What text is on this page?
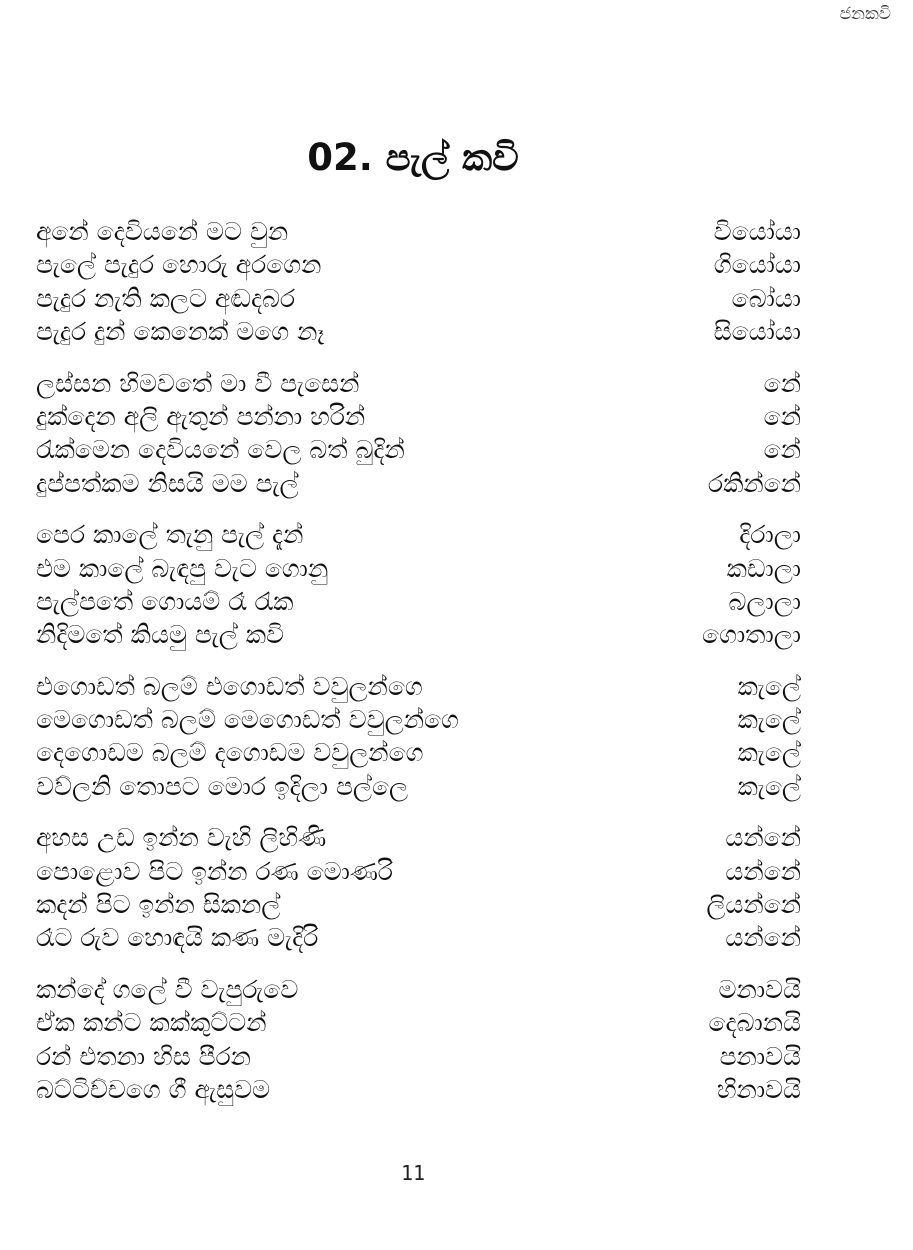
ජනකවි
02. පැල් කවි
අනේ දෙවියනේ මට වුන	වියෝයා
පැලේ පැදුර හොරු අරගෙන	ගියෝයා
පැදුර නැති කලට අඬදබර	බෝයා
පැදුර දුන් කෙනෙක් මගෙ නෑ	සියෝයා
ලස්සන හිමවතේ මා වී පැසෙන්	නේ
දුක්දෙන අලි ඇතුන් පන්නා හරින්	නේ
රැක්මෙන දෙවියනේ වෙල බත් බුදින්	නේ
දුප්පත්කම නිසයි මම පැල්	රකින්නේ
පෙර කාලේ තැනු පැල් දැන්	දිරාලා
එම කාලේ බැඳපු වැට ගොනු	කඩාලා
පැල්පතේ ගොයම් රෑ රැක	බලාලා
නිදිමතේ කියමු පැල් කවි	ගොතාලා
එගොඩත් බලම් එගොඩත් වවුලන්ගෙ	කැලේ
මෙගොඩත් බලම් මෙගොඩත් වවුලන්ගෙ	කැලේ
දෙගොඩම බලම් දගොඩම වවුලන්ගෙ	කැලේ
වව්ලනි තොපට මොර ඉදිලා පල්ලෙ	කැලේ
අහස උඩ ඉන්න වැහි ලිහිණි	යන්නේ
පොළොව පිට ඉන්න රණ මොණරි	යන්නේ
කදන් පිට ඉන්න සිකනල්	ලියන්නේ
රෑට රුව හොඳයි කණ මැදිරි	යන්නේ
කන්දේ ගලේ වී වැපුරුවෙ	මනාවයි
ඒක කන්ට කක්කුට්ටන්	දෙබානයි
රන් එතනා හිස පීරන	පනාවයි
බට්ටිච්චගෙ ගී ඇසුවම	හිනාවයි
11
